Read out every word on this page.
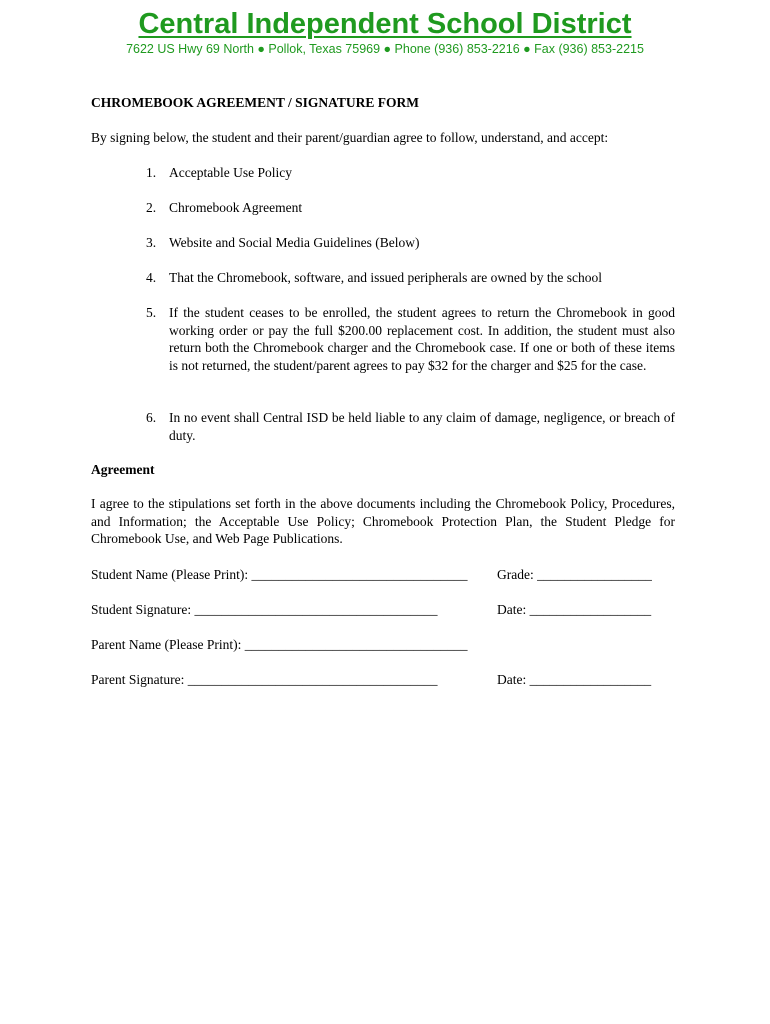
Central Independent School District
7622 US Hwy 69 North ● Pollok, Texas 75969 ● Phone (936) 853-2216 ● Fax (936) 853-2215
CHROMEBOOK AGREEMENT / SIGNATURE FORM
By signing below, the student and their parent/guardian agree to follow, understand, and accept:
1. Acceptable Use Policy
2. Chromebook Agreement
3. Website and Social Media Guidelines (Below)
4. That the Chromebook, software, and issued peripherals are owned by the school
5. If the student ceases to be enrolled, the student agrees to return the Chromebook in good working order or pay the full $200.00 replacement cost. In addition, the student must also return both the Chromebook charger and the Chromebook case. If one or both of these items is not returned, the student/parent agrees to pay $32 for the charger and $25 for the case.
6. In no event shall Central ISD be held liable to any claim of damage, negligence, or breach of duty.
Agreement
I agree to the stipulations set forth in the above documents including the Chromebook Policy, Procedures, and Information; the Acceptable Use Policy; Chromebook Protection Plan, the Student Pledge for Chromebook Use, and Web Page Publications.
Student Name (Please Print): ________________________________ Grade: _________________
Student Signature: ____________________________________	Date: __________________
Parent Name (Please Print): _________________________________
Parent Signature: _____________________________________	Date: __________________
